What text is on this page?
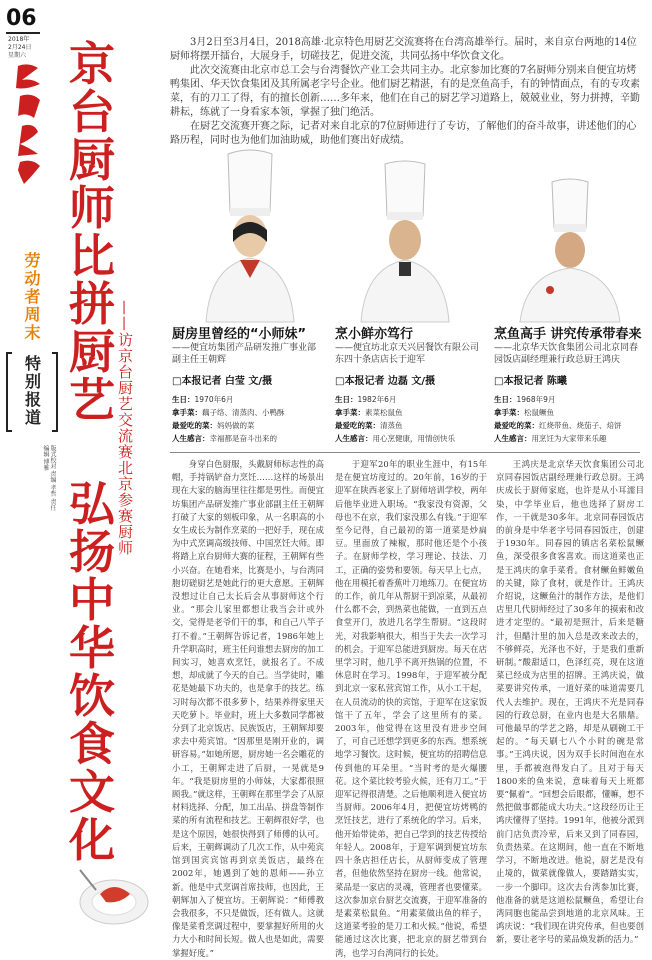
06
2018年
2月24日
星期六
劳
动
者
周
末
特
别
报
道
版式校对 责编 孝哲 责任编辑 博雅
京
台
厨
师
比
拼
厨
艺 ——访京台厨艺交流赛北京参赛厨师
弘
扬
中
华
饮
食
文
化

3月2日至3月4日，2018高雄·北京特色用厨艺交流赛将在台湾高雄举行。届时，来自京台两地的14位厨师将摆开擂台，大展身手，切磋技艺，促进交流，共同弘扬中华饮食文化。

此次交流赛由北京市总工会与台湾餐饮产业工会共同主办。北京参加比赛的7名厨师分别来自便宜坊烤鸭集团、华天饮食集团及其所属老字号企业。他们厨艺精湛，有的是烹鱼高手，有的钟情面点，有的专攻素菜，有的刀工了得，有的擅长创新……多年来，他们在自己的厨艺学习道路上，兢兢业业，努力拼搏，辛勤耕耘，练就了一身看家本领，掌握了独门绝活。

在厨艺交流赛开赛之际，记者对来自北京的7位厨师进行了专访，了解他们的奋斗故事，讲述他们的心路历程，同时也为他们加油助威，助他们赛出好成绩。

厨房里曾经的“小师妹”
——便宜坊集团产品研发推广事业部副主任王朝辉
□本报记者 白莹 文/摄
生日：1970年6月
拿手菜：藕子络、清蒸肉、小鸭酥
最爱吃的菜：妈妈做的菜
人生感言：幸福都是奋斗出来的
烹小鲜亦笃行
——便宜坊北京天兴居餐饮有限公司东四十条店店长于迎军
□本报记者 边磊 文/摄
生日：1982年6月
拿手菜：素菜松鼠鱼
最爱吃的菜：清蒸鱼
人生感言：用心烹健康，用情创快乐
烹鱼高手 讲究传承带春来
——北京华天饮食集团公司北京同春园饭店副经理兼行政总厨王鸿庆
□本报记者 陈曦
生日：1968年9月
拿手菜：松鼠鳜鱼
最爱吃的菜：红烧带鱼、烧茄子、焙饼
人生感言：用烹饪为大家带来乐趣
身穿白色厨服，头戴厨师标志性的高帽，手持锅铲奋力烹饪……这样的场景出现在大家的脑海里往往都是男性。而便宜坊集团产品研发推广事业部副主任王朝辉打破了大家的刻板印象，从一名职高的小女生成长为制作烹菜的一把好手，现在成为中式烹调高级技师、中国烹饪大师。即将踏上京台厨师大赛的征程，王朝辉有些小兴奋。在她看来，比赛是小，与台湾同胞切磋厨艺是她此行的更大意愿。王朝辉没想过让自己太长后会从事厨师这个行业。“那会儿家里都想让我当会计或外交，觉得是老爷们干的事，和自己八竿子打不着。”王朝辉告诉记者，1986年她上升学职高时，班主任问谁想去厨房的加工间实习，她喜欢烹饪，就报名了。不成想，却成就了今天的自己。当学徒时，雕花是她最下功夫的，也是拿手的技艺。练习时每次都不很多萝卜，结果养得家里天天吃萝卜。毕业时，班上大多数同学都被分到了北京饭店、民族饭店，王朝辉却要求去中苑宾馆。“因那里是刚开业的，调研容易。”如她所愿，厨房她一名会雕花的小工，王朝辉走进了后厨，一晃就是9年。“我是厨房里的小师妹，大家都很照顾我。”就这样，王朝辉在那里学会了从原材料选择、分配，加工出品、拼盘等制作菜的所有流程和技艺。王朝辉很好学，也是这个原因，她很快得到了师傅的认可。后来，王朝辉调动了几次工作，从中苑宾馆到国宾宾馆再到京美饭店，最终在2002年，她遇到了她的恩师——孙立新。他是中式烹调首席技师，也因此，王朝辉加入了便宜坊。王朝辉说：“师傅教会我很多，不只是做饭，还有做人。这就像是菜肴烹调过程中，要掌握好所用的火力大小和时间长短。做人也是如此，需要掌握好度。”
于迎军20年的职业生涯中，有15年是在便宜坊度过的。20年前，16岁的于迎军在陕西老家上了厨师培训学校，两年后他毕业进入职场。“我家没有资源，父母也不在京，我们家没那么有钱。”于迎军至今记得，自己最初的第一道菜是炒扁豆。里面放了辣椒，那时他还是个小孩子。在厨师学校，学习理论、技法、刀工，正确的姿势和要领。每天早上七点，他在用模托着香蕉叶刀地练刀。在便宜坊的工作，前几年从帮厨干到凉菜，从最初什么都不会，到热菜也能做，一直到五点食堂开门，放进几名学生帮厨。“这段时光，对我影响很大，相当于失去一次学习的机会。于迎军总能进到厨房。每天在店里学习时，他几乎不离开热锅的位置，不休息时在学习。1998年，于迎军被分配到北京一家私营宾馆工作，从小工干起，在人员流动的快的宾馆，于迎军在这家饭馆干了五年，学会了这里所有的菜。2003年，他觉得在这里没有进步空间了，可自己还想学到更多的东西。想系统地学习餐饮。这时候，便宜坊的招聘信息传到他的耳朵里。“当时考的是火爆腰花。这个菜比较考验火候，还有刀工。”于迎军记得很清楚。之后他顺利进入便宜坊当厨师。2006年4月，把便宜坊烤鸭的烹饪技艺，进行了系统化的学习。后来，他开始带徒弟，把自己学到的技艺传授给年轻人。2008年，于迎军调到便宜坊东四十条店担任店长，从厨师变成了管理者，但他依然坚持在厨房一线。他常说，菜品是一家店的灵魂，管理者也要懂菜。这次参加京台厨艺交流赛，于迎军准备的是素菜松鼠鱼。“用素菜做出鱼的样子，这道菜考验的是刀工和火候。”他说，希望能通过这次比赛，把北京的厨艺带到台湾，也学习台湾同行的长处。
王鸿庆是北京华天饮食集团公司北京同春园饭店副经理兼行政总厨。王鸿庆成长于厨师家庭，也许是从小耳濡目染，中学毕业后，他也选择了厨房工作，一干就是30多年。北京同春园饭店的前身是中华老字号同春园饭庄，创建于1930年。同春园的镇店名菜松鼠鳜鱼，深受很多食客喜欢。而这道菜也正是王鸿庆的拿手菜肴。食材鳜鱼鲜嫩鱼的关键，除了食材，就是作计。王鸿庆介绍说，这鳜鱼汁的制作方法，是他们店里几代厨师经过了30多年的摸索和改进才定型的。“最初是照汁，后来是糖汁，但醋汁里的加入总是改来改去的，不够鲜亮，光泽也不好，于是我们重新研制。”酸甜适口，色泽红亮，现在这道菜已经成为店里的招牌。王鸿庆说，做菜要讲究传承，一道好菜的味道需要几代人去维护。现在，王鸿庆不光是同春园的行政总厨，在业内也是大名鼎鼎。可他最早的学艺之路，却是从刷碗工干起的。“每天刷七八个小时的碗是常事。”王鸿庆说，因为双手长时间泡在水里，手都被泡得发白了。且对于每天1800来的鱼来说，意味着每天上班都要“佩着”。“回想会后眼都，懂嘛，想不然把做事都能成大功夫。”这段经历让王鸿庆懂得了坚持。1991年，他被分派到前门店负责冷荤，后来又到了同春园，负责热菜。在这期间，他一直在不断地学习，不断地改进。他说，厨艺是没有止境的，做菜就像做人，要踏踏实实，一步一个脚印。这次去台湾参加比赛，他准备的就是这道松鼠鳜鱼，希望让台湾同胞也能品尝到地道的北京风味。王鸿庆说：“我们现在讲究传承，但也要创新，要让老字号的菜品焕发新的活力。”
